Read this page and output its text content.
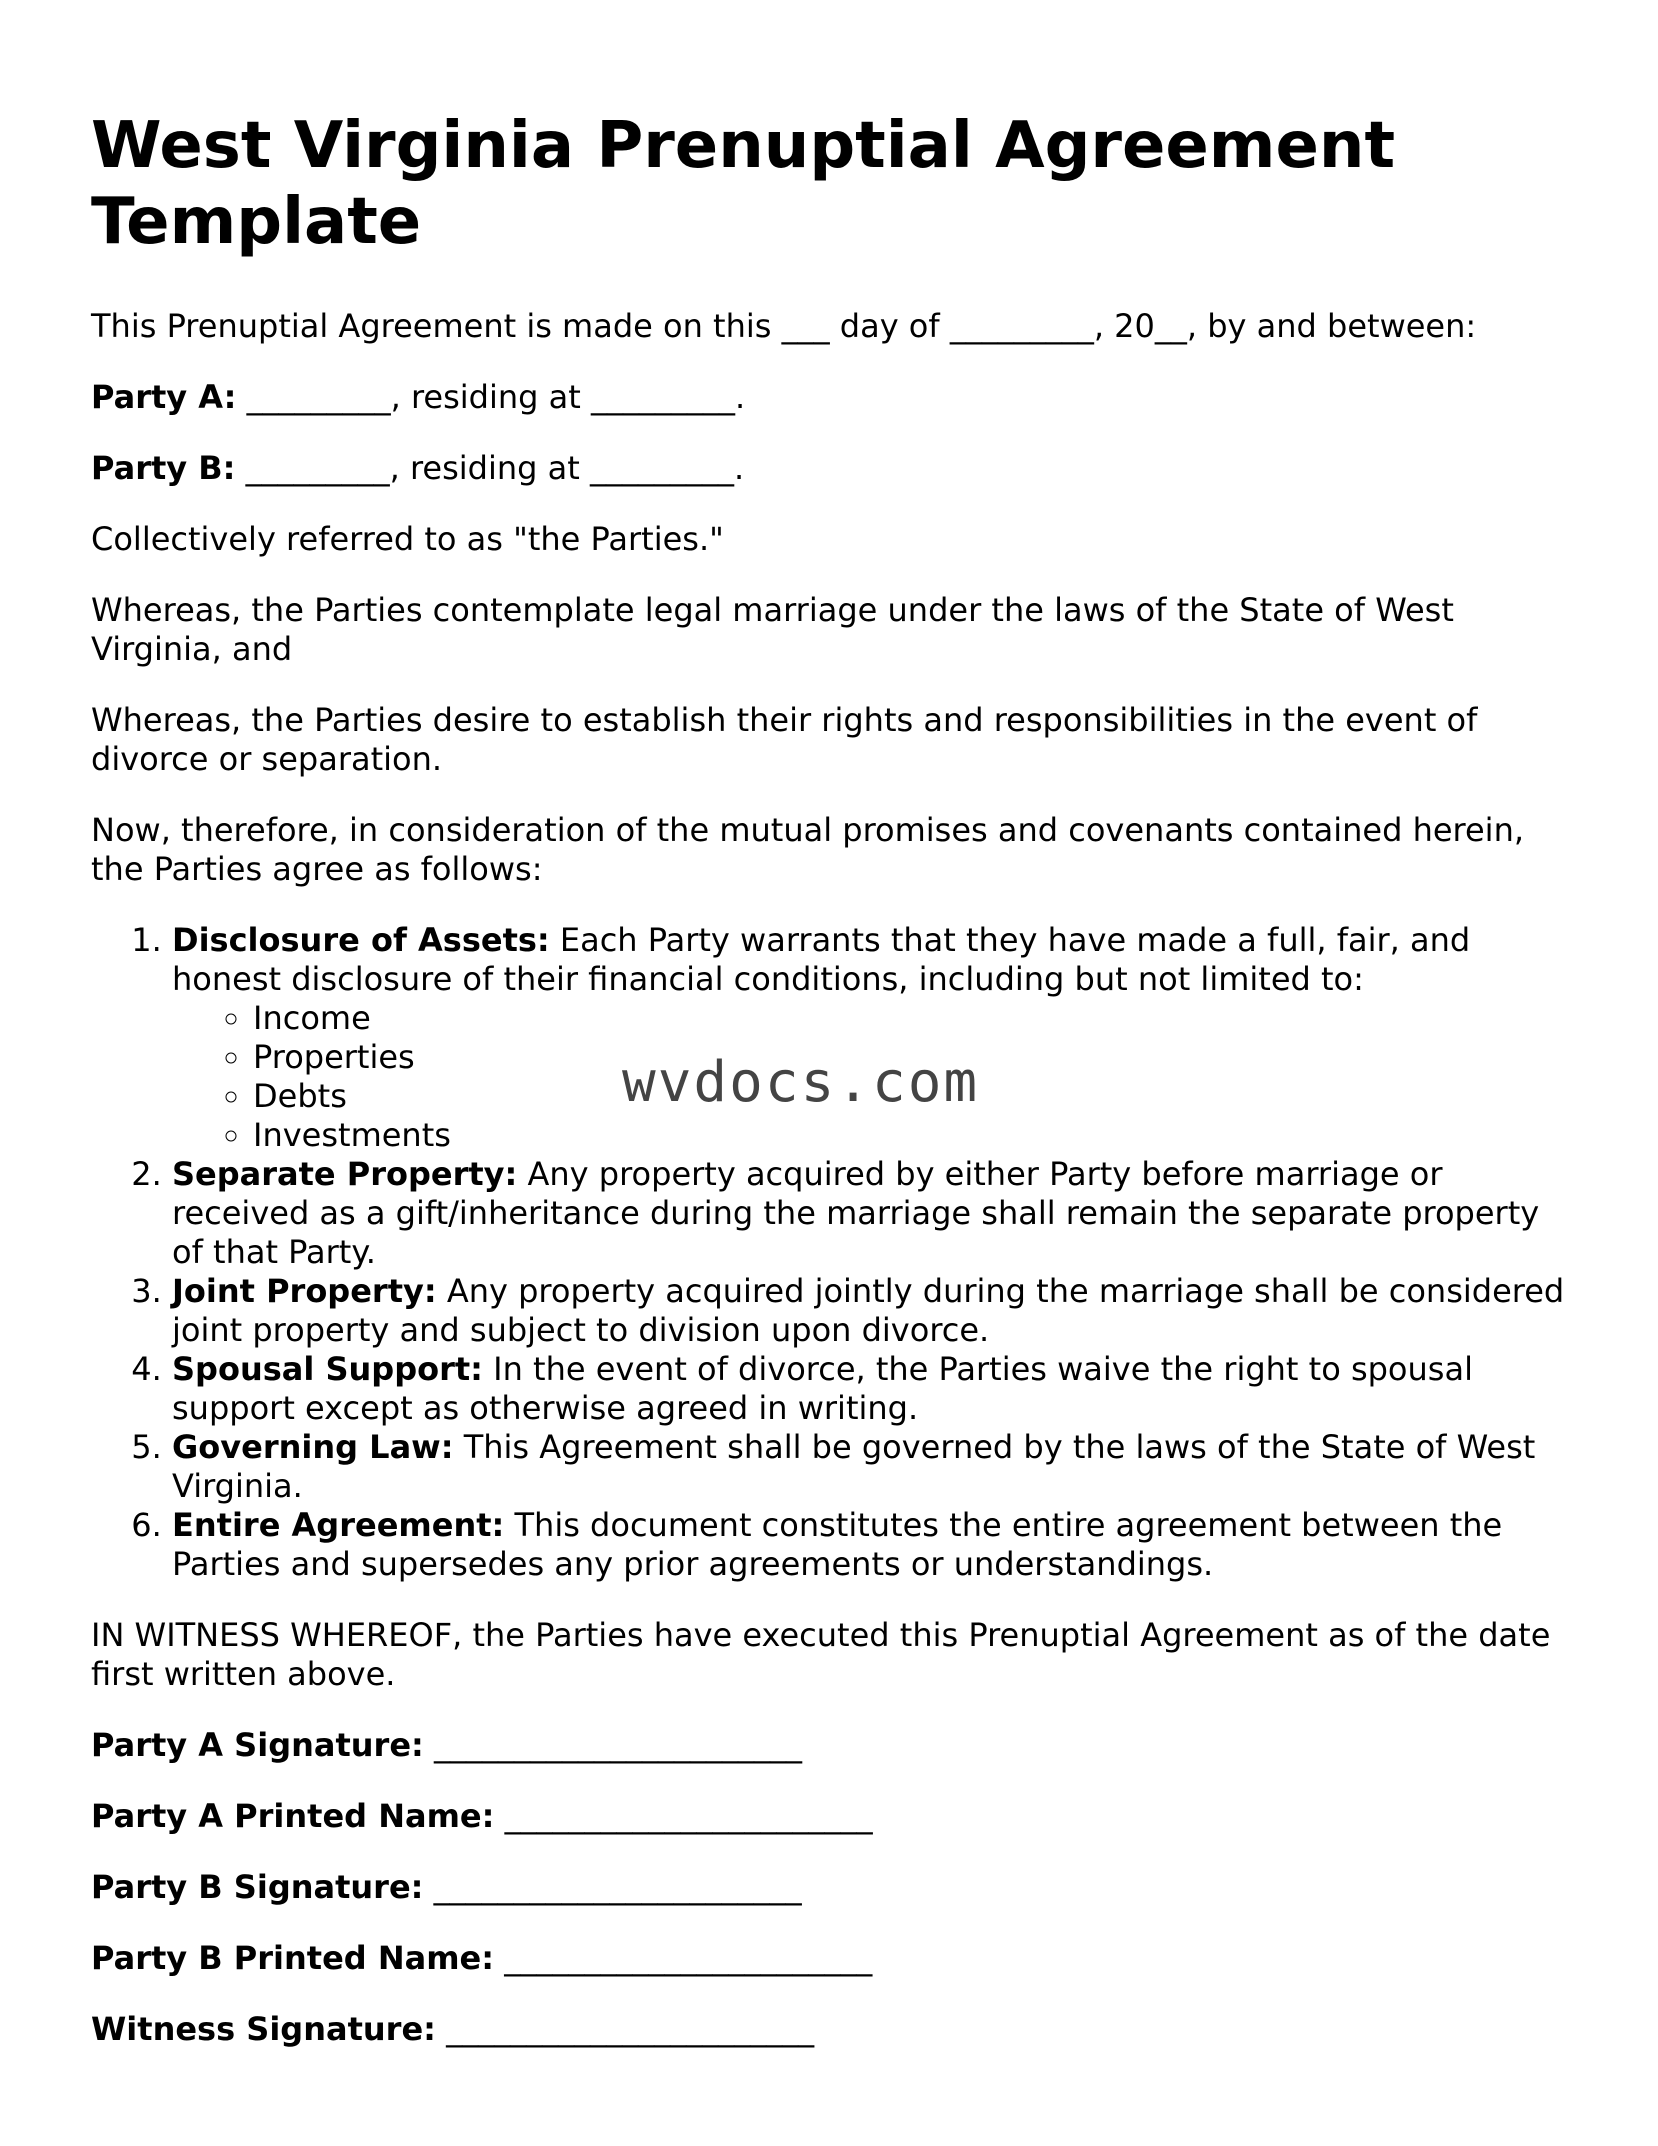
West Virginia Prenuptial Agreement Template

This Prenuptial Agreement is made on this ___ day of _________, 20__, by and between:

Party A: _________, residing at _________.

Party B: _________, residing at _________.

Collectively referred to as "the Parties."

Whereas, the Parties contemplate legal marriage under the laws of the State of West Virginia, and

Whereas, the Parties desire to establish their rights and responsibilities in the event of divorce or separation.

Now, therefore, in consideration of the mutual promises and covenants contained herein, the Parties agree as follows:

1. Disclosure of Assets: Each Party warrants that they have made a full, fair, and honest disclosure of their financial conditions, including but not limited to:
◦ Income
◦ Properties
◦ Debts
◦ Investments
2. Separate Property: Any property acquired by either Party before marriage or received as a gift/inheritance during the marriage shall remain the separate property of that Party.
3. Joint Property: Any property acquired jointly during the marriage shall be considered joint property and subject to division upon divorce.
4. Spousal Support: In the event of divorce, the Parties waive the right to spousal support except as otherwise agreed in writing.
5. Governing Law: This Agreement shall be governed by the laws of the State of West Virginia.
6. Entire Agreement: This document constitutes the entire agreement between the Parties and supersedes any prior agreements or understandings.

IN WITNESS WHEREOF, the Parties have executed this Prenuptial Agreement as of the date first written above.

Party A Signature: _______________________

Party A Printed Name: _______________________

Party B Signature: _______________________

Party B Printed Name: _______________________

Witness Signature: _______________________

wvdocs.com
